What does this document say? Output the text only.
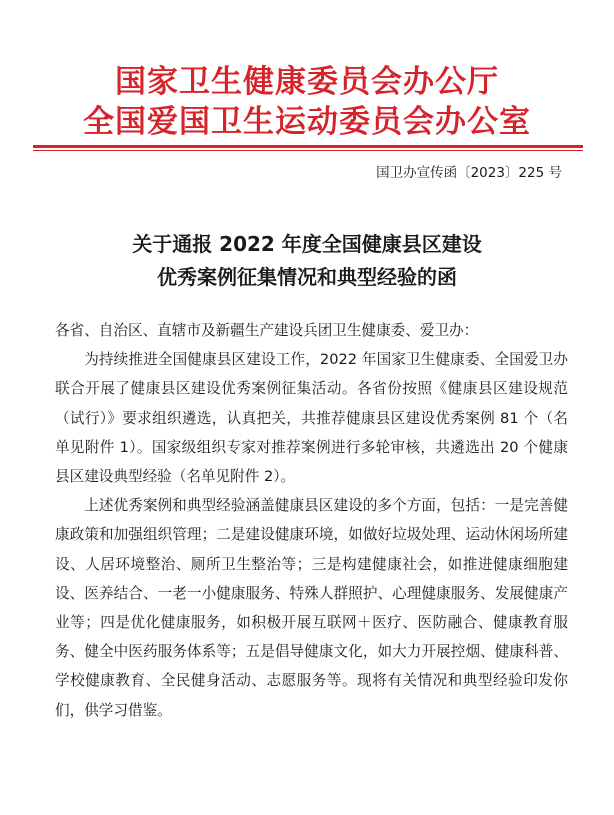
国家卫生健康委员会办公厅
全国爱国卫生运动委员会办公室
国卫办宣传函〔2023〕225 号
关于通报 2022 年度全国健康县区建设
优秀案例征集情况和典型经验的函

各省、自治区、直辖市及新疆生产建设兵团卫生健康委、爱卫办：

为持续推进全国健康县区建设工作，2022 年国家卫生健康委、全国爱卫办联合开展了健康县区建设优秀案例征集活动。各省份按照《健康县区建设规范（试行）》要求组织遴选，认真把关，共推荐健康县区建设优秀案例 81 个（名单见附件 1）。国家级组织专家对推荐案例进行多轮审核，共遴选出 20 个健康县区建设典型经验（名单见附件 2）。

上述优秀案例和典型经验涵盖健康县区建设的多个方面，包括：一是完善健康政策和加强组织管理；二是建设健康环境，如做好垃圾处理、运动休闲场所建设、人居环境整治、厕所卫生整治等；三是构建健康社会，如推进健康细胞建设、医养结合、一老一小健康服务、特殊人群照护、心理健康服务、发展健康产业等；四是优化健康服务，如积极开展互联网＋医疗、医防融合、健康教育服务、健全中医药服务体系等；五是倡导健康文化，如大力开展控烟、健康科普、学校健康教育、全民健身活动、志愿服务等。现将有关情况和典型经验印发你们，供学习借鉴。
